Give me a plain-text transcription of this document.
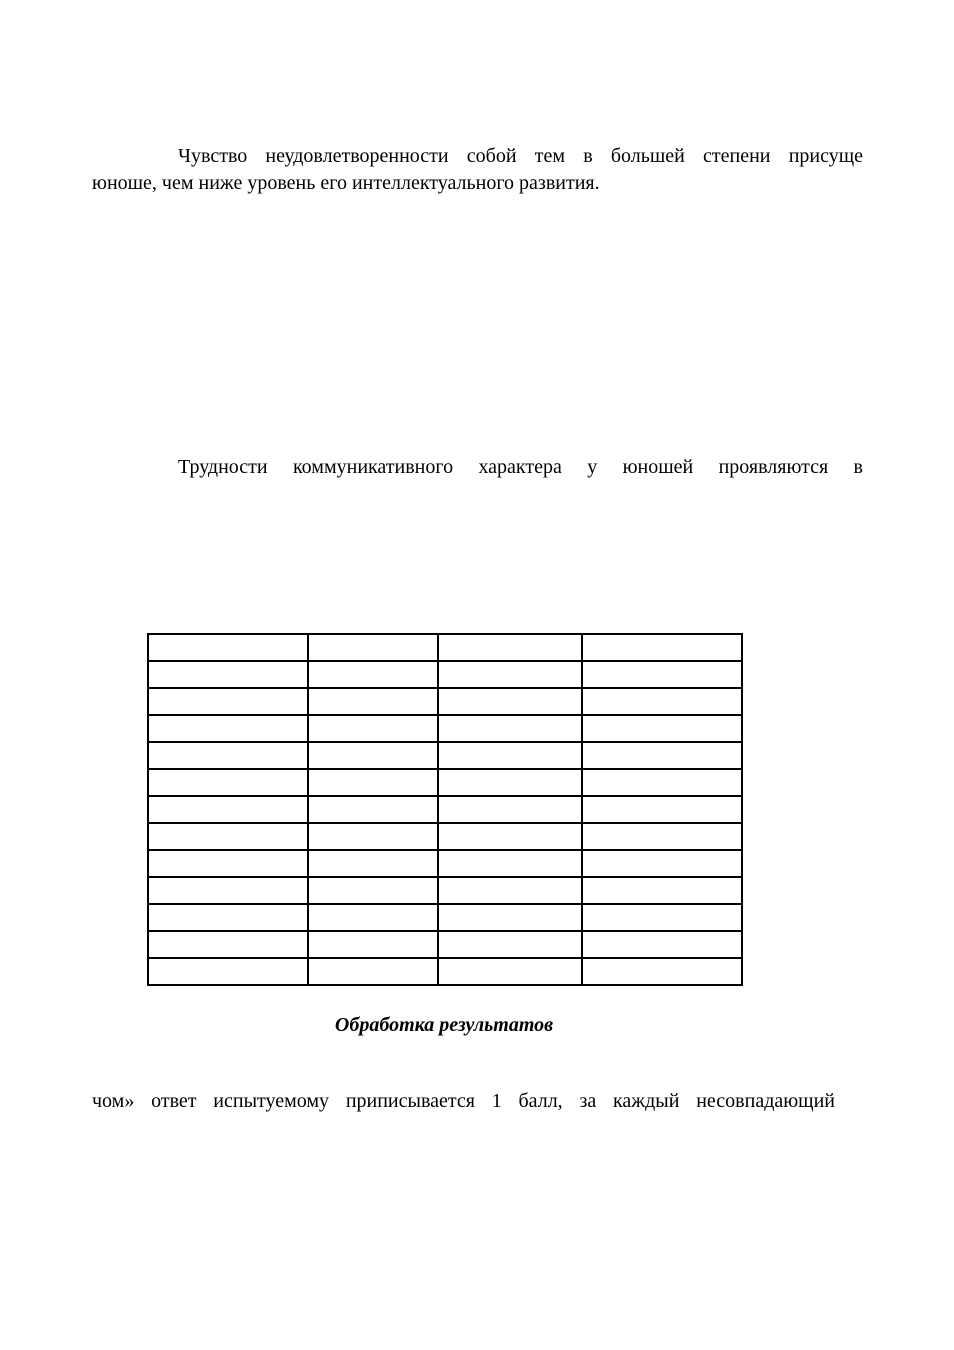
Чувство неудовлетворенности собой тем в большей степени присуще
юноше, чем ниже уровень его интеллектуального развития.
Трудности коммуникативного характера у юношей проявляются в

Обработка результатов
чом» ответ испытуемому приписывается 1 балл, за каждый несовпадающий
